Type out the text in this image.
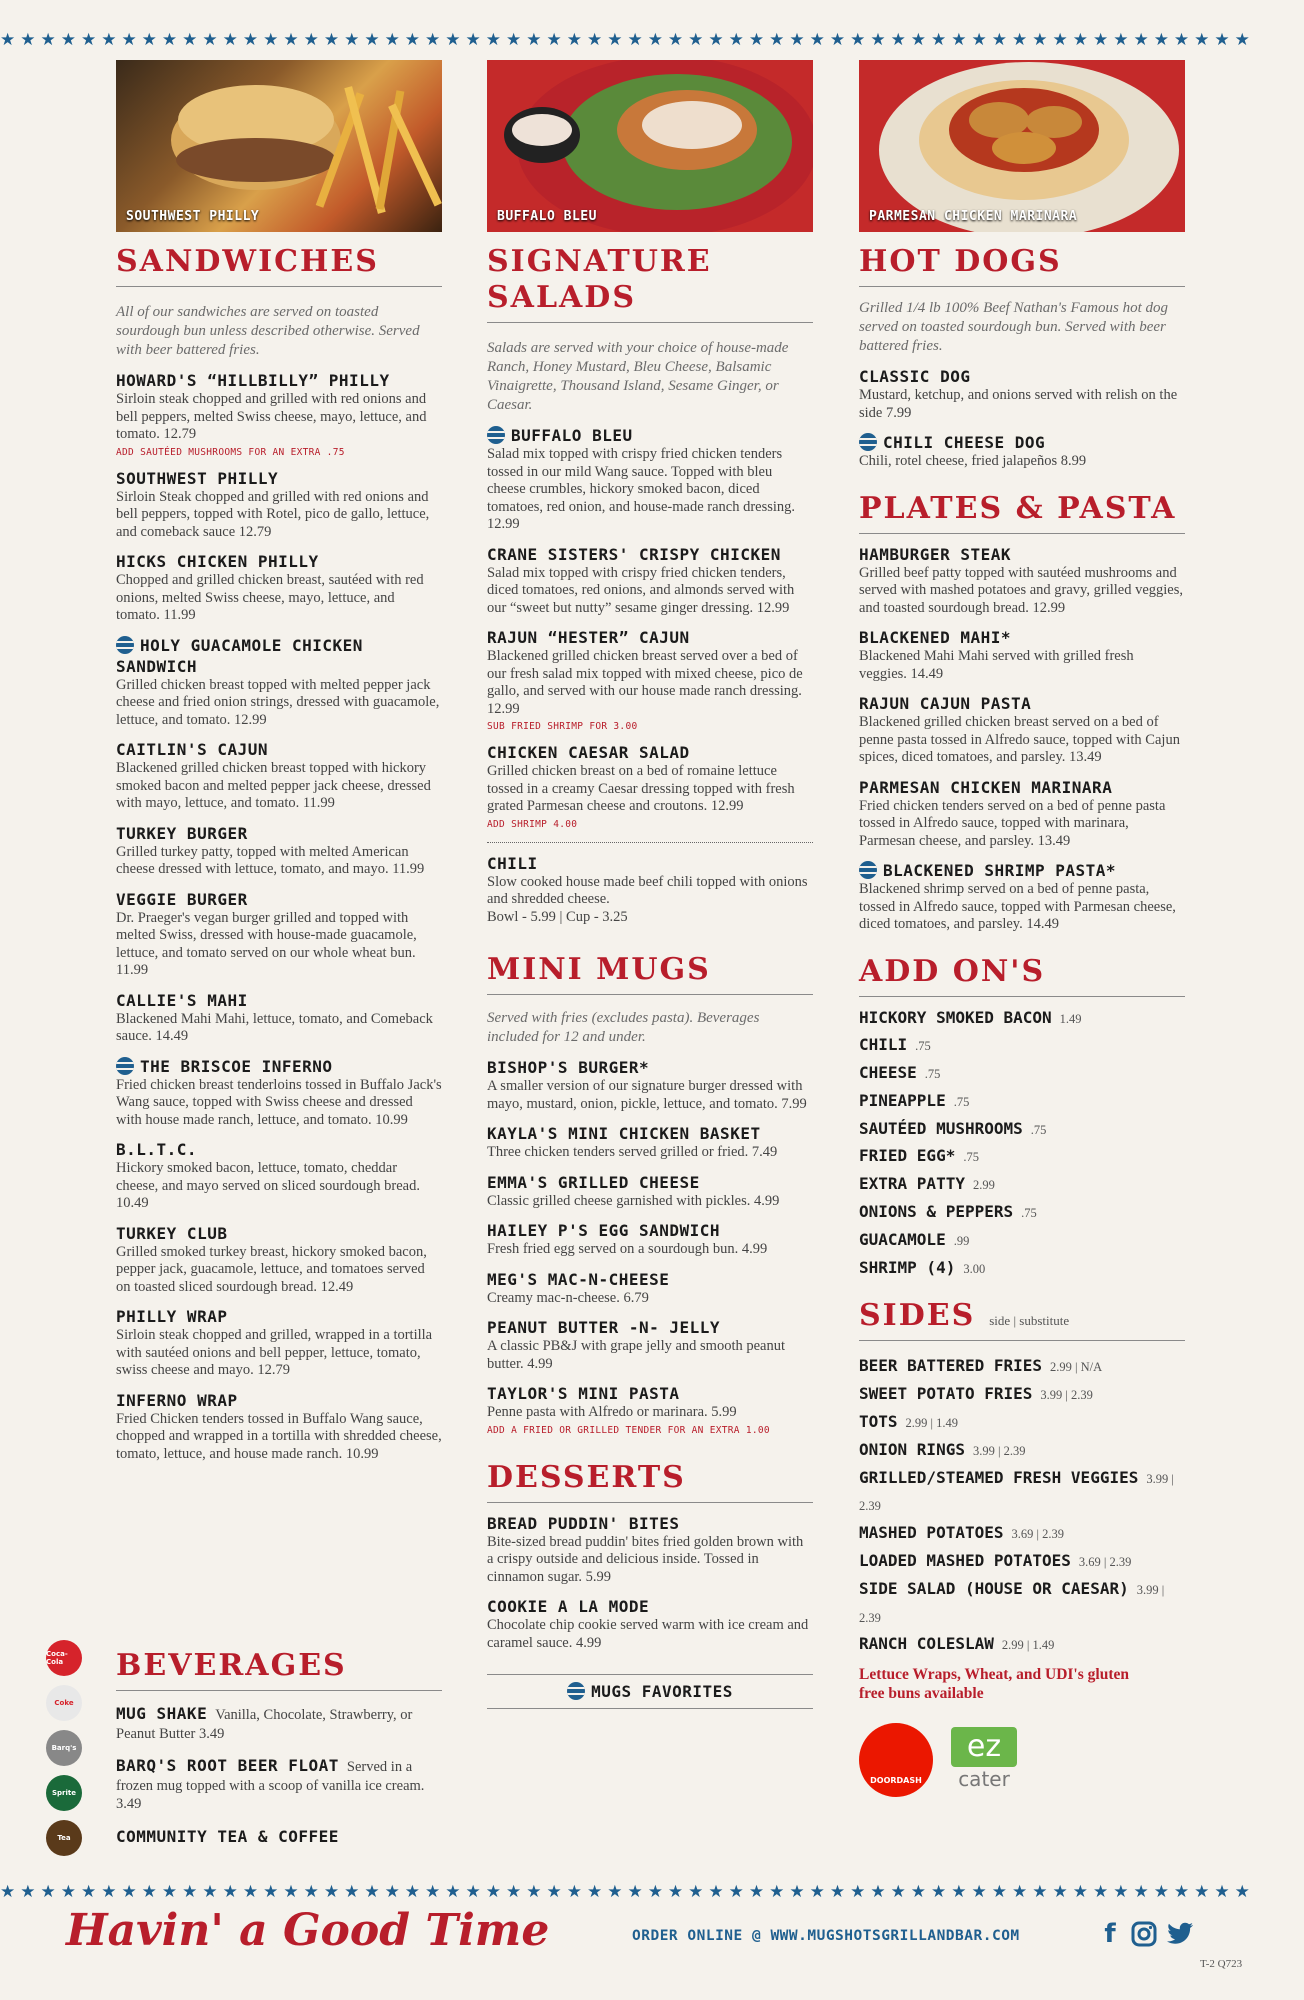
★★★★★★★★★★★★★★★★★★★★★★★★★★★★★★★★★★★★★★★★★★★★★★★★★★★★★★★★★★★★★★
SOUTHWEST PHILLY
SANDWICHES
All of our sandwiches are served on toasted sourdough bun unless described otherwise. Served with beer battered fries.
HOWARD'S “HILLBILLY” PHILLY
Sirloin steak chopped and grilled with red onions and bell peppers, melted Swiss cheese, mayo, lettuce, and tomato. 12.79
ADD SAUTÉED MUSHROOMS FOR AN EXTRA .75
SOUTHWEST PHILLY
Sirloin Steak chopped and grilled with red onions and bell peppers, topped with Rotel, pico de gallo, lettuce, and comeback sauce 12.79
HICKS CHICKEN PHILLY
Chopped and grilled chicken breast, sautéed with red onions, melted Swiss cheese, mayo, lettuce, and tomato. 11.99
HOLY GUACAMOLE CHICKEN SANDWICH
Grilled chicken breast topped with melted pepper jack cheese and fried onion strings, dressed with guacamole, lettuce, and tomato. 12.99
CAITLIN'S CAJUN
Blackened grilled chicken breast topped with hickory smoked bacon and melted pepper jack cheese, dressed with mayo, lettuce, and tomato. 11.99
TURKEY BURGER
Grilled turkey patty, topped with melted American cheese dressed with lettuce, tomato, and mayo. 11.99
VEGGIE BURGER
Dr. Praeger's vegan burger grilled and topped with melted Swiss, dressed with house-made guacamole, lettuce, and tomato served on our whole wheat bun. 11.99
CALLIE'S MAHI
Blackened Mahi Mahi, lettuce, tomato, and Comeback sauce. 14.49
THE BRISCOE INFERNO
Fried chicken breast tenderloins tossed in Buffalo Jack's Wang sauce, topped with Swiss cheese and dressed with house made ranch, lettuce, and tomato. 10.99
B.L.T.C.
Hickory smoked bacon, lettuce, tomato, cheddar cheese, and mayo served on sliced sourdough bread. 10.49
TURKEY CLUB
Grilled smoked turkey breast, hickory smoked bacon, pepper jack, guacamole, lettuce, and tomatoes served on toasted sliced sourdough bread. 12.49
PHILLY WRAP
Sirloin steak chopped and grilled, wrapped in a tortilla with sautéed onions and bell pepper, lettuce, tomato, swiss cheese and mayo. 12.79
INFERNO WRAP
Fried Chicken tenders tossed in Buffalo Wang sauce, chopped and wrapped in a tortilla with shredded cheese, tomato, lettuce, and house made ranch. 10.99
BEVERAGES
MUG SHAKE Vanilla, Chocolate, Strawberry, or Peanut Butter 3.49
BARQ'S ROOT BEER FLOAT Served in a frozen mug topped with a scoop of vanilla ice cream. 3.49
COMMUNITY TEA & COFFEE
Coca-Cola
Coke
Barq's
Sprite
Tea
BUFFALO BLEU
SIGNATURE SALADS
Salads are served with your choice of house-made Ranch, Honey Mustard, Bleu Cheese, Balsamic Vinaigrette, Thousand Island, Sesame Ginger, or Caesar.
BUFFALO BLEU
Salad mix topped with crispy fried chicken tenders tossed in our mild Wang sauce. Topped with bleu cheese crumbles, hickory smoked bacon, diced tomatoes, red onion, and house-made ranch dressing. 12.99
CRANE SISTERS' CRISPY CHICKEN
Salad mix topped with crispy fried chicken tenders, diced tomatoes, red onions, and almonds served with our “sweet but nutty” sesame ginger dressing. 12.99
RAJUN “HESTER” CAJUN
Blackened grilled chicken breast served over a bed of our fresh salad mix topped with mixed cheese, pico de gallo, and served with our house made ranch dressing. 12.99
SUB FRIED SHRIMP FOR 3.00
CHICKEN CAESAR SALAD
Grilled chicken breast on a bed of romaine lettuce tossed in a creamy Caesar dressing topped with fresh grated Parmesan cheese and croutons. 12.99
ADD SHRIMP 4.00
CHILI
Slow cooked house made beef chili topped with onions and shredded cheese.
Bowl - 5.99 | Cup - 3.25
MINI MUGS
Served with fries (excludes pasta). Beverages included for 12 and under.
BISHOP'S BURGER*
A smaller version of our signature burger dressed with mayo, mustard, onion, pickle, lettuce, and tomato. 7.99
KAYLA'S MINI CHICKEN BASKET
Three chicken tenders served grilled or fried. 7.49
EMMA'S GRILLED CHEESE
Classic grilled cheese garnished with pickles. 4.99
HAILEY P'S EGG SANDWICH
Fresh fried egg served on a sourdough bun. 4.99
MEG'S MAC-N-CHEESE
Creamy mac-n-cheese. 6.79
PEANUT BUTTER -N- JELLY
A classic PB&J with grape jelly and smooth peanut butter. 4.99
TAYLOR'S MINI PASTA
Penne pasta with Alfredo or marinara. 5.99
ADD A FRIED OR GRILLED TENDER FOR AN EXTRA 1.00
DESSERTS
BREAD PUDDIN' BITES
Bite-sized bread puddin' bites fried golden brown with a crispy outside and delicious inside. Tossed in cinnamon sugar. 5.99
COOKIE A LA MODE
Chocolate chip cookie served warm with ice cream and caramel sauce. 4.99
MUGS FAVORITES
PARMESAN CHICKEN MARINARA
HOT DOGS
Grilled 1/4 lb 100% Beef Nathan's Famous hot dog served on toasted sourdough bun. Served with beer battered fries.
CLASSIC DOG
Mustard, ketchup, and onions served with relish on the side 7.99
CHILI CHEESE DOG
Chili, rotel cheese, fried jalapeños 8.99
PLATES & PASTA
HAMBURGER STEAK
Grilled beef patty topped with sautéed mushrooms and served with mashed potatoes and gravy, grilled veggies, and toasted sourdough bread. 12.99
BLACKENED MAHI*
Blackened Mahi Mahi served with grilled fresh veggies. 14.49
RAJUN CAJUN PASTA
Blackened grilled chicken breast served on a bed of penne pasta tossed in Alfredo sauce, topped with Cajun spices, diced tomatoes, and parsley. 13.49
PARMESAN CHICKEN MARINARA
Fried chicken tenders served on a bed of penne pasta tossed in Alfredo sauce, topped with marinara, Parmesan cheese, and parsley. 13.49
BLACKENED SHRIMP PASTA*
Blackened shrimp served on a bed of penne pasta, tossed in Alfredo sauce, topped with Parmesan cheese, diced tomatoes, and parsley. 14.49
ADD ON'S
HICKORY SMOKED BACON 1.49
CHILI .75
CHEESE .75
PINEAPPLE .75
SAUTÉED MUSHROOMS .75
FRIED EGG* .75
EXTRA PATTY 2.99
ONIONS & PEPPERS .75
GUACAMOLE .99
SHRIMP (4) 3.00
SIDES side | substitute
BEER BATTERED FRIES 2.99 | N/A
SWEET POTATO FRIES 3.99 | 2.39
TOTS 2.99 | 1.49
ONION RINGS 3.99 | 2.39
GRILLED/STEAMED FRESH VEGGIES 3.99 | 2.39
MASHED POTATOES 3.69 | 2.39
LOADED MASHED POTATOES 3.69 | 2.39
SIDE SALAD (HOUSE OR CAESAR) 3.99 | 2.39
RANCH COLESLAW 2.99 | 1.49
Lettuce Wraps, Wheat, and UDI's gluten free buns available
DOORDASH
ez
cater
★★★★★★★★★★★★★★★★★★★★★★★★★★★★★★★★★★★★★★★★★★★★★★★★★★★★★★★★★★★★★★
Havin' a Good Time	ORDER ONLINE @ WWW.MUGSHOTSGRILLANDBAR.COM	f
T-2 Q723
